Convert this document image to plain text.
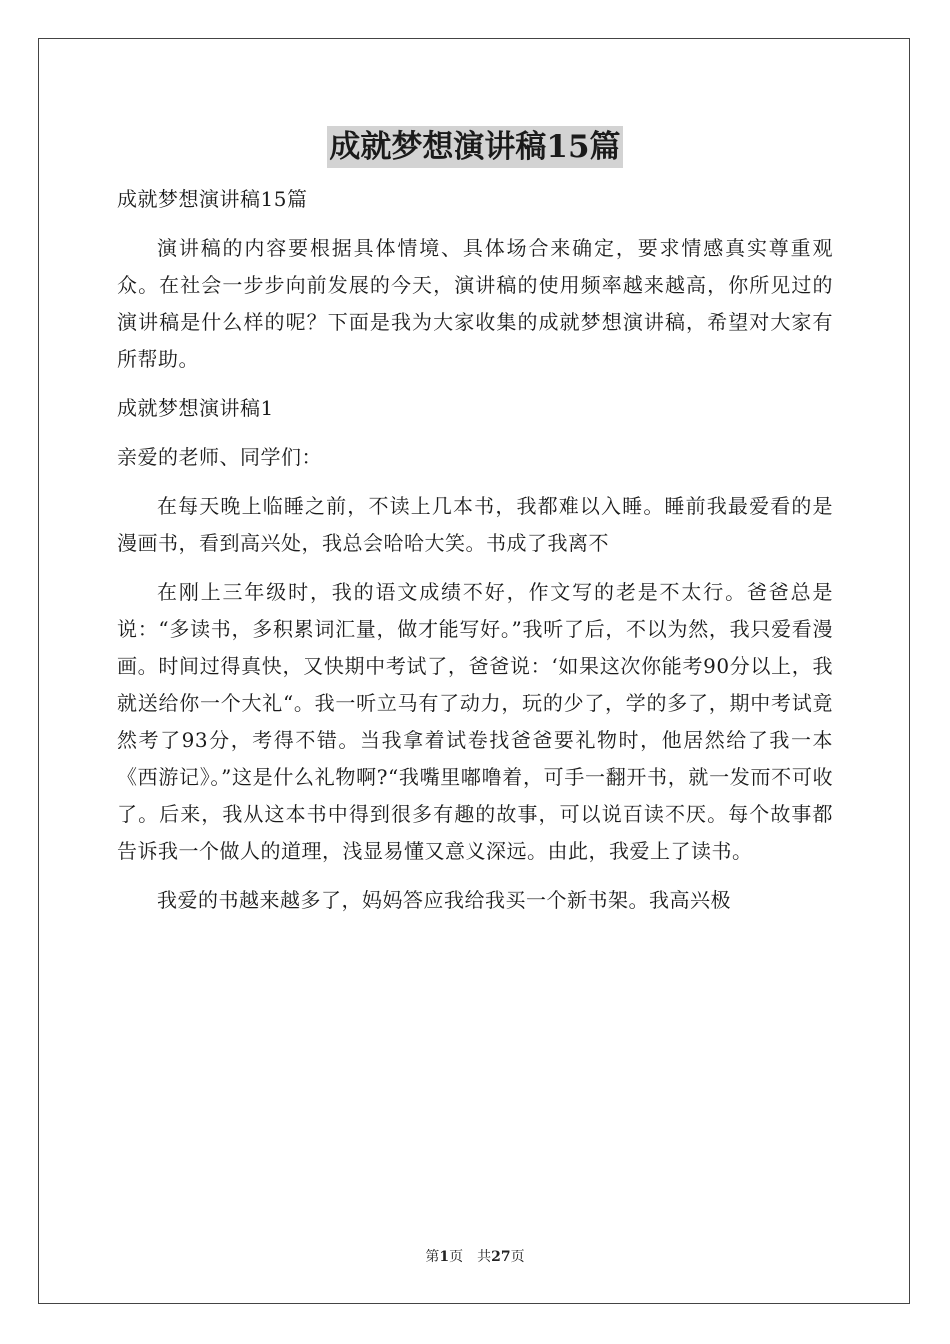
成就梦想演讲稿15篇

成就梦想演讲稿15篇

演讲稿的内容要根据具体情境、具体场合来确定，要求情感真实尊重观众。在社会一步步向前发展的今天，演讲稿的使用频率越来越高，你所见过的演讲稿是什么样的呢？下面是我为大家收集的成就梦想演讲稿，希望对大家有所帮助。

成就梦想演讲稿1

亲爱的老师、同学们：

在每天晚上临睡之前，不读上几本书，我都难以入睡。睡前我最爱看的是漫画书，看到高兴处，我总会哈哈大笑。书成了我离不

在刚上三年级时，我的语文成绩不好，作文写的老是不太行。爸爸总是说：“多读书，多积累词汇量，做才能写好。”我听了后，不以为然，我只爱看漫画。时间过得真快，又快期中考试了，爸爸说：‘如果这次你能考90分以上，我就送给你一个大礼“。我一听立马有了动力，玩的少了，学的多了，期中考试竟然考了93分，考得不错。当我拿着试卷找爸爸要礼物时，他居然给了我一本《西游记》。”这是什么礼物啊?“我嘴里嘟噜着，可手一翻开书，就一发而不可收了。后来，我从这本书中得到很多有趣的故事，可以说百读不厌。每个故事都告诉我一个做人的道理，浅显易懂又意义深远。由此，我爱上了读书。

我爱的书越来越多了，妈妈答应我给我买一个新书架。我高兴极

第1页　共27页
